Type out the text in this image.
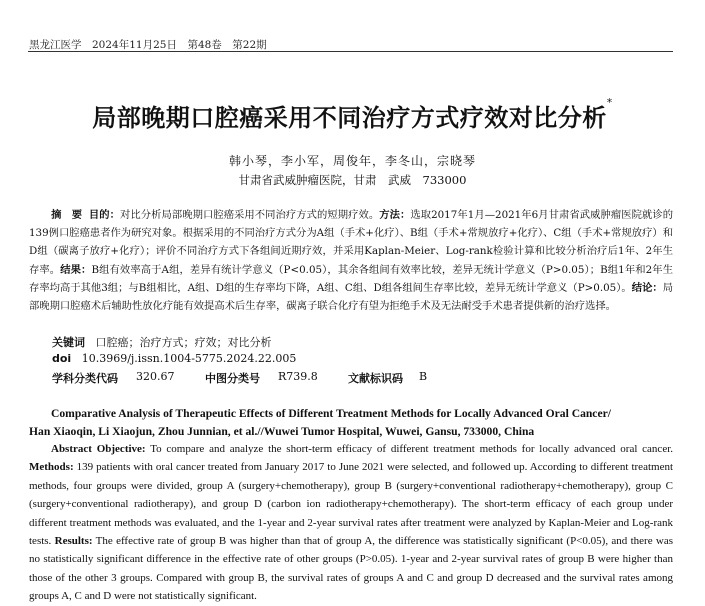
黑龙江医学　2024年11月25日　第48卷　第22期
局部晚期口腔癌采用不同治疗方式疗效对比分析*
韩小琴，李小军，周俊年，李冬山，宗晓琴
甘肃省武威肿瘤医院，甘肃　武威　733000
摘　要 目的：对比分析局部晚期口腔癌采用不同治疗方式的短期疗效。方法：选取2017年1月—2021年6月甘肃省武威肿瘤医院就诊的139例口腔癌患者作为研究对象。根据采用的不同治疗方式分为A组（手术+化疗）、B组（手术+常规放疗+化疗）、C组（手术+常规放疗）和D组（碳离子放疗+化疗）；评价不同治疗方式下各组间近期疗效，并采用Kaplan-Meier、Log-rank检验计算和比较分析治疗后1年、2年生存率。结果：B组有效率高于A组，差异有统计学意义（P<0.05），其余各组间有效率比较，差异无统计学意义（P>0.05）；B组1年和2年生存率均高于其他3组；与B组相比，A组、D组的生存率均下降，A组、C组、D组各组间生存率比较，差异无统计学意义（P>0.05）。结论：局部晚期口腔癌术后辅助性放化疗能有效提高术后生存率，碳离子联合化疗有望为拒绝手术及无法耐受手术患者提供新的治疗选择。
关键词 口腔癌；治疗方式；疗效；对比分析
doi 10.3969/j.issn.1004-5775.2024.22.005
学科分类代码 320.67	中图分类号 R739.8	文献标识码 B
Comparative Analysis of Therapeutic Effects of Different Treatment Methods for Locally Advanced Oral Cancer/
Han Xiaoqin, Li Xiaojun, Zhou Junnian, et al.//Wuwei Tumor Hospital, Wuwei, Gansu, 733000, China
Abstract Objective: To compare and analyze the short-term efficacy of different treatment methods for locally advanced oral cancer. Methods: 139 patients with oral cancer treated from January 2017 to June 2021 were selected, and followed up. According to different treatment methods, four groups were divided, group A (surgery+chemotherapy), group B (surgery+conventional radiotherapy+chemotherapy), group C (surgery+conventional radiotherapy), and group D (carbon ion radiotherapy+chemotherapy). The short-term efficacy of each group under different treatment methods was evaluated, and the 1-year and 2-year survival rates after treatment were analyzed by Kaplan-Meier and Log-rank tests. Results: The effective rate of group B was higher than that of group A, the difference was statistically significant (P<0.05), and there was no statistically significant difference in the effective rate of other groups (P>0.05). 1-year and 2-year survival rates of group B were higher than those of the other 3 groups. Compared with group B, the survival rates of groups A and C and group D decreased and the survival rates among groups A, C and D were not statistically significant.
